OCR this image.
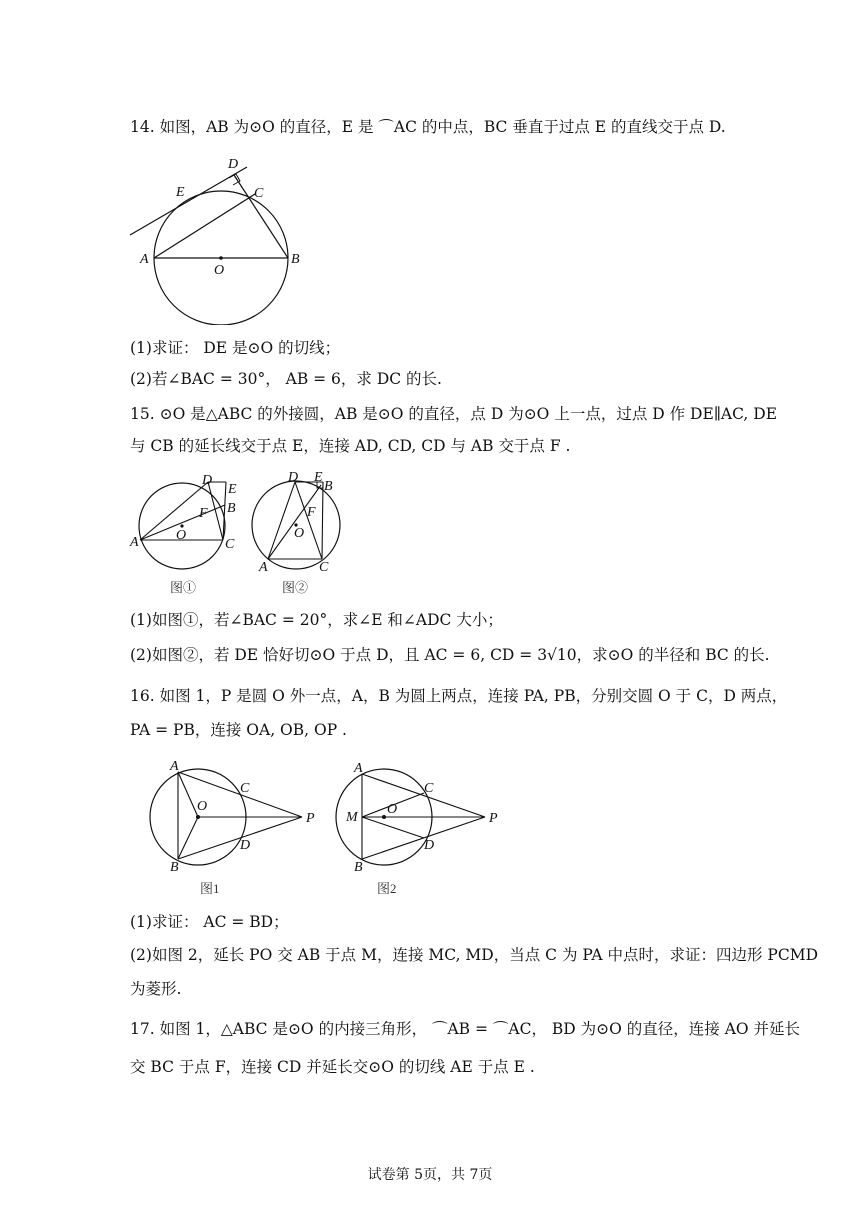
14. 如图，AB 为⊙O 的直径，E 是 ⌒AC 的中点，BC 垂直于过点 E 的直线交于点 D.
D
E	C
A
O
B
(1)求证： DE 是⊙O 的切线；
(2)若∠BAC = 30°， AB = 6，求 DC 的长.
15. ⊙O 是△ABC 的外接圆，AB 是⊙O 的直径，点 D 为⊙O 上一点，过点 D 作 DE∥AC, DE
与 CB 的延长线交于点 E，连接 AD, CD, CD 与 AB 交于点 F .
D
E
B
F
O
A	C
图①
D E
B
F
O
A	C
图②
(1)如图①，若∠BAC = 20°，求∠E 和∠ADC 大小；
(2)如图②，若 DE 恰好切⊙O 于点 D，且 AC = 6, CD = 3√10，求⊙O 的半径和 BC 的长.
16. 如图 1，P 是圆 O 外一点，A，B 为圆上两点，连接 PA, PB，分别交圆 O 于 C，D 两点，
PA = PB，连接 OA, OB, OP .
A
C
O
P
D
B
图1
A
C
M
O
P
D
B
图2
(1)求证： AC = BD；
(2)如图 2，延长 PO 交 AB 于点 M，连接 MC, MD，当点 C 为 PA 中点时，求证：四边形 PCMD
为菱形.
17. 如图 1，△ABC 是⊙O 的内接三角形， ⌒AB = ⌒AC， BD 为⊙O 的直径，连接 AO 并延长
交 BC 于点 F，连接 CD 并延长交⊙O 的切线 AE 于点 E .
试卷第 5页，共 7页
